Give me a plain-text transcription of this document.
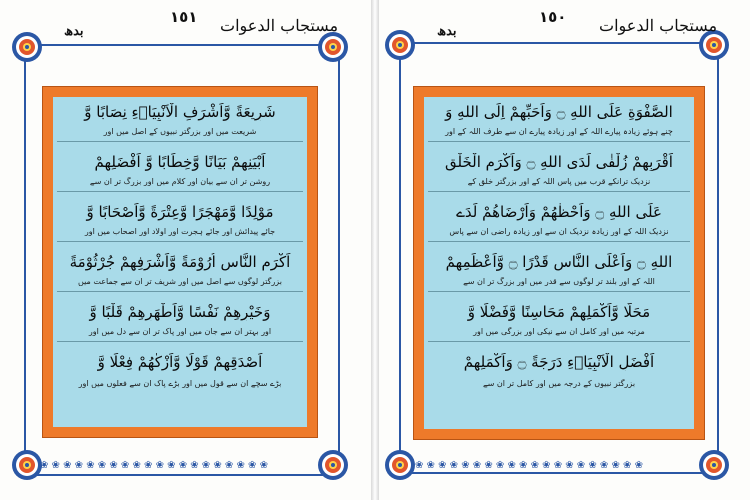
١٥١ مستجاب الدعوات
بدھ
شَرِيعَةً وَّاَشْرَفِ الْاَنْبِيَاۗءِ نِصَابًا وَّ
شریعت میں اور بزرگتر نبیوں کے اصل میں اور
اَبْيَنِهِمْ بَيَانًا وَّخِطَابًا وَّ اَفْضَلِهِمْ
روشن تر ان سے بیان اور کلام میں اور بزرگ تر ان سے
مَوْلِدًا وَّمَهْجَرًا وَّعِتْرَةً وَّاَصْحَابًا وَّ
جائے پیدائش اور جائے ہجرت اور اولاد اور اصحاب میں اور
اَكْرَمِ النَّاسِ اُرُوْمَةً وَّاَشْرَفِهِمْ جُرْثُوْمَةً
بزرگتر لوگوں سے اصل میں اور شریف تر ان سے جماعت میں
وَخَيْرِهِمْ نَفْسًا وَّاَطْهَرِهِمْ قَلْبًا وَّ
اور بہتر ان سے جان میں اور پاک تر ان سے دل میں اور
اَصْدَقِهِمْ قَوْلًا وَّاَزْكٰهُمْ فِعْلًا وَّ
بڑے سچے ان سے قول میں اور بڑے پاک ان سے فعلوں میں اور
❀ ❀ ❀ ❀ ❀ ❀ ❀ ❀ ❀ ❀ ❀ ❀ ❀ ❀ ❀ ❀ ❀ ❀ ❀ ❀
١٥٠ مستجاب الدعوات
بدھ
الصَّفْوَةِ عَلَى اللهِ ۝ وَاَحَبِّهِمْ اِلَى اللهِ وَ
چنے ہوئے زیادہ پیارے اللہ کے اور زیادہ پیارے ان سے طرف اللہ کے اور
اَقْرَبِهِمْ زُلْفٰى لَدَى اللهِ ۝ وَاَكْرَمِ الْخَلْقِ
نزدیک ترانکے قرب میں پاس اللہ کے اور بزرگتر خلق کے
عَلَى اللهِ ۝ وَاَحْظٰهُمْ وَاَرْضَاهُمْ لَدَے
نزدیک اللہ کے اور زیادہ نزدیک ان سے اور زیادہ راضی ان سے پاس
اللهِ ۝ وَاَعْلَى النَّاسِ قَدْرًا ۝ وَّاَعْظَمِهِمْ
اللہ کے اور بلند تر لوگوں سے قدر میں اور بزرگ تر ان سے
مَحَلًّا وَّاَكْمَلِهِمْ مَحَاسِنًا وَّفَضْلًا وَّ
مرتبہ میں اور کامل ان سے نیکی اور بزرگی میں اور
اَفْضَلِ الْاَنْبِيَاۗءِ دَرَجَةً ۝ وَاَكْمَلِهِمْ
بزرگتر نبیوں کے درجہ میں اور کامل تر ان سے
❀ ❀ ❀ ❀ ❀ ❀ ❀ ❀ ❀ ❀ ❀ ❀ ❀ ❀ ❀ ❀ ❀ ❀ ❀ ❀
